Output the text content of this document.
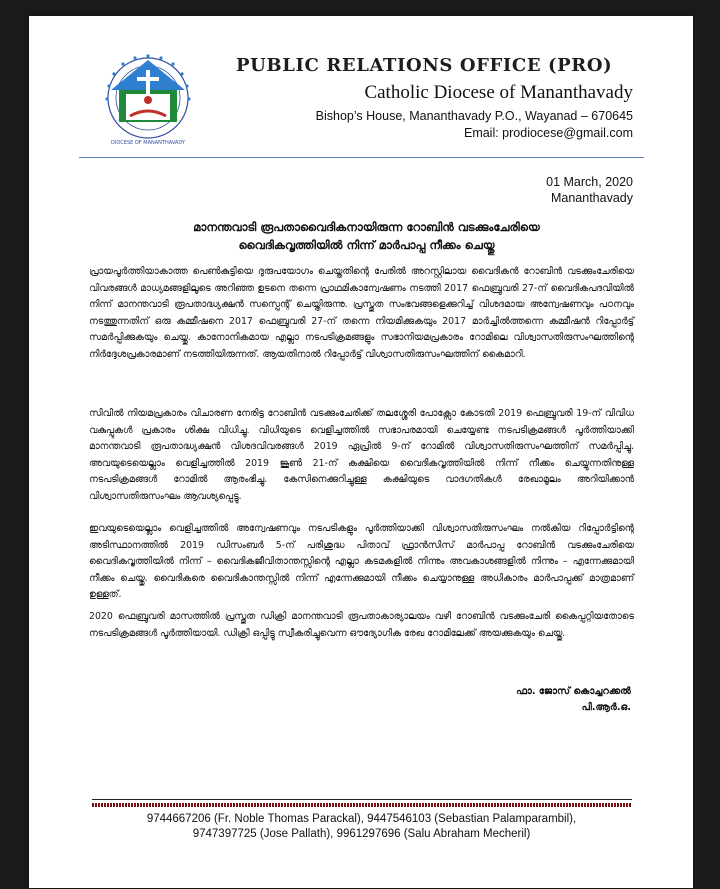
DIOCESE OF MANANTHAVADY
PUBLIC RELATIONS OFFICE (PRO)
Catholic Diocese of Mananthavady
Bishop’s House, Mananthavady P.O., Wayanad – 670645
Email: prodiocese@gmail.com
01 March, 2020
Mananthavady
മാനന്തവാടി രൂപതാവൈദികനായിരുന്ന റോബിൻ വടക്കുംചേരിയെ
വൈദികവൃത്തിയിൽ നിന്ന് മാർപാപ്പ നീക്കം ചെയ്തു
പ്രായപൂർത്തിയാകാത്ത പെൺകുട്ടിയെ ദുരുപയോഗം ചെയ്തതിന്റെ പേരിൽ അറസ്റ്റിലായ വൈദികൻ റോബിൻ വടക്കുംചേരിയെ വിവരങ്ങൾ മാധ്യമങ്ങളിലൂടെ അറിഞ്ഞ ഉടനെ തന്നെ പ്രാഥമികാന്വേഷണം നടത്തി 2017 ഫെബ്രുവരി 27-ന് വൈദികപദവിയിൽ നിന്ന് മാനന്തവാടി രൂപതാദ്ധ്യക്ഷൻ സസ്പെന്റ് ചെയ്തിരുന്നു. പ്രസ്തുത സംഭവങ്ങളെക്കുറിച്ച് വിശദമായ അന്വേഷണവും പഠനവും നടത്തുന്നതിന് ഒരു കമ്മീഷനെ 2017 ഫെബ്രുവരി 27-ന് തന്നെ നിയമിക്കുകയും 2017 മാർച്ചിൽത്തന്നെ കമ്മീഷൻ റിപ്പോർട്ട് സമർപ്പിക്കുകയും ചെയ്തു. കാനോനികമായ എല്ലാ നടപടിക്രമങ്ങളും സഭാനിയമപ്രകാരം റോമിലെ വിശ്വാസതിരുസംഘത്തിന്റെ നിർദ്ദേശപ്രകാരമാണ് നടത്തിയിരുന്നത്. ആയതിനാൽ റിപ്പോർട്ട് വിശ്വാസതിരുസംഘത്തിന് കൈമാറി.
സിവിൽ നിയമപ്രകാരം വിചാരണ നേരിട്ട റോബിൻ വടക്കുംചേരിക്ക് തലശ്ശേരി പോക്സോ കോടതി 2019 ഫെബ്രുവരി 19-ന് വിവിധ വകുപ്പുകൾ പ്രകാരം ശിക്ഷ വിധിച്ചു. വിധിയുടെ വെളിച്ചത്തിൽ സഭാപരമായി ചെയ്യേണ്ട നടപടിക്രമങ്ങൾ പൂർത്തിയാക്കി മാനന്തവാടി രൂപതാദ്ധ്യക്ഷൻ വിശദവിവരങ്ങൾ 2019 ഏപ്രിൽ 9-ന് റോമിൽ വിശ്വാസതിരുസംഘത്തിന് സമർപ്പിച്ചു. അവയുടെയെല്ലാം വെളിച്ചത്തിൽ 2019 ജൂൺ 21-ന് കക്ഷിയെ വൈദികവൃത്തിയിൽ നിന്ന് നീക്കം ചെയ്യുന്നതിനുള്ള നടപടിക്രമങ്ങൾ റോമിൽ ആരംഭിച്ചു. കേസിനെക്കുറിച്ചുള്ള കക്ഷിയുടെ വാദഗതികൾ രേഖാമൂലം അറിയിക്കാൻ വിശ്വാസതിരുസംഘം ആവശ്യപ്പെട്ടു.
ഇവയുടെയെല്ലാം വെളിച്ചത്തിൽ അന്വേഷണവും നടപടികളും പൂർത്തിയാക്കി വിശ്വാസതിരുസംഘം നൽകിയ റിപ്പോർട്ടിന്റെ അടിസ്ഥാനത്തിൽ 2019 ഡിസംബർ 5-ന് പരിശുദ്ധ പിതാവ് ഫ്രാൻസിസ് മാർപാപ്പ റോബിൻ വടക്കുംചേരിയെ വൈദികവൃത്തിയിൽ നിന്ന് – വൈദികജീവിതാന്തസ്സിന്റെ എല്ലാ കടമകളിൽ നിന്നും അവകാശങ്ങളിൽ നിന്നും – എന്നേക്കുമായി നീക്കം ചെയ്തു. വൈദികരെ വൈദികാന്തസ്സിൽ നിന്ന് എന്നേക്കുമായി നീക്കം ചെയ്യാനുള്ള അധികാരം മാർപാപ്പക്ക് മാത്രമാണ് ഉള്ളത്.
2020 ഫെബ്രുവരി മാസത്തിൽ പ്രസ്തുത ഡിക്രി മാനന്തവാടി രൂപതാകാര്യാലയം വഴി റോബിൻ വടക്കുംചേരി കൈപ്പറ്റിയതോടെ നടപടിക്രമങ്ങൾ പൂർത്തിയായി. ഡിക്രി ഒപ്പിട്ടു സ്വീകരിച്ചുവെന്ന ഔദ്യോഗിക രേഖ റോമിലേക്ക് അയക്കുകയും ചെയ്തു.
ഫാ. ജോസ് കൊച്ചറക്കൽ
പി.ആർ.ഒ.
9744667206 (Fr. Noble Thomas Parackal), 9447546103 (Sebastian Palamparambil),
9747397725 (Jose Pallath), 9961297696 (Salu Abraham Mecheril)
